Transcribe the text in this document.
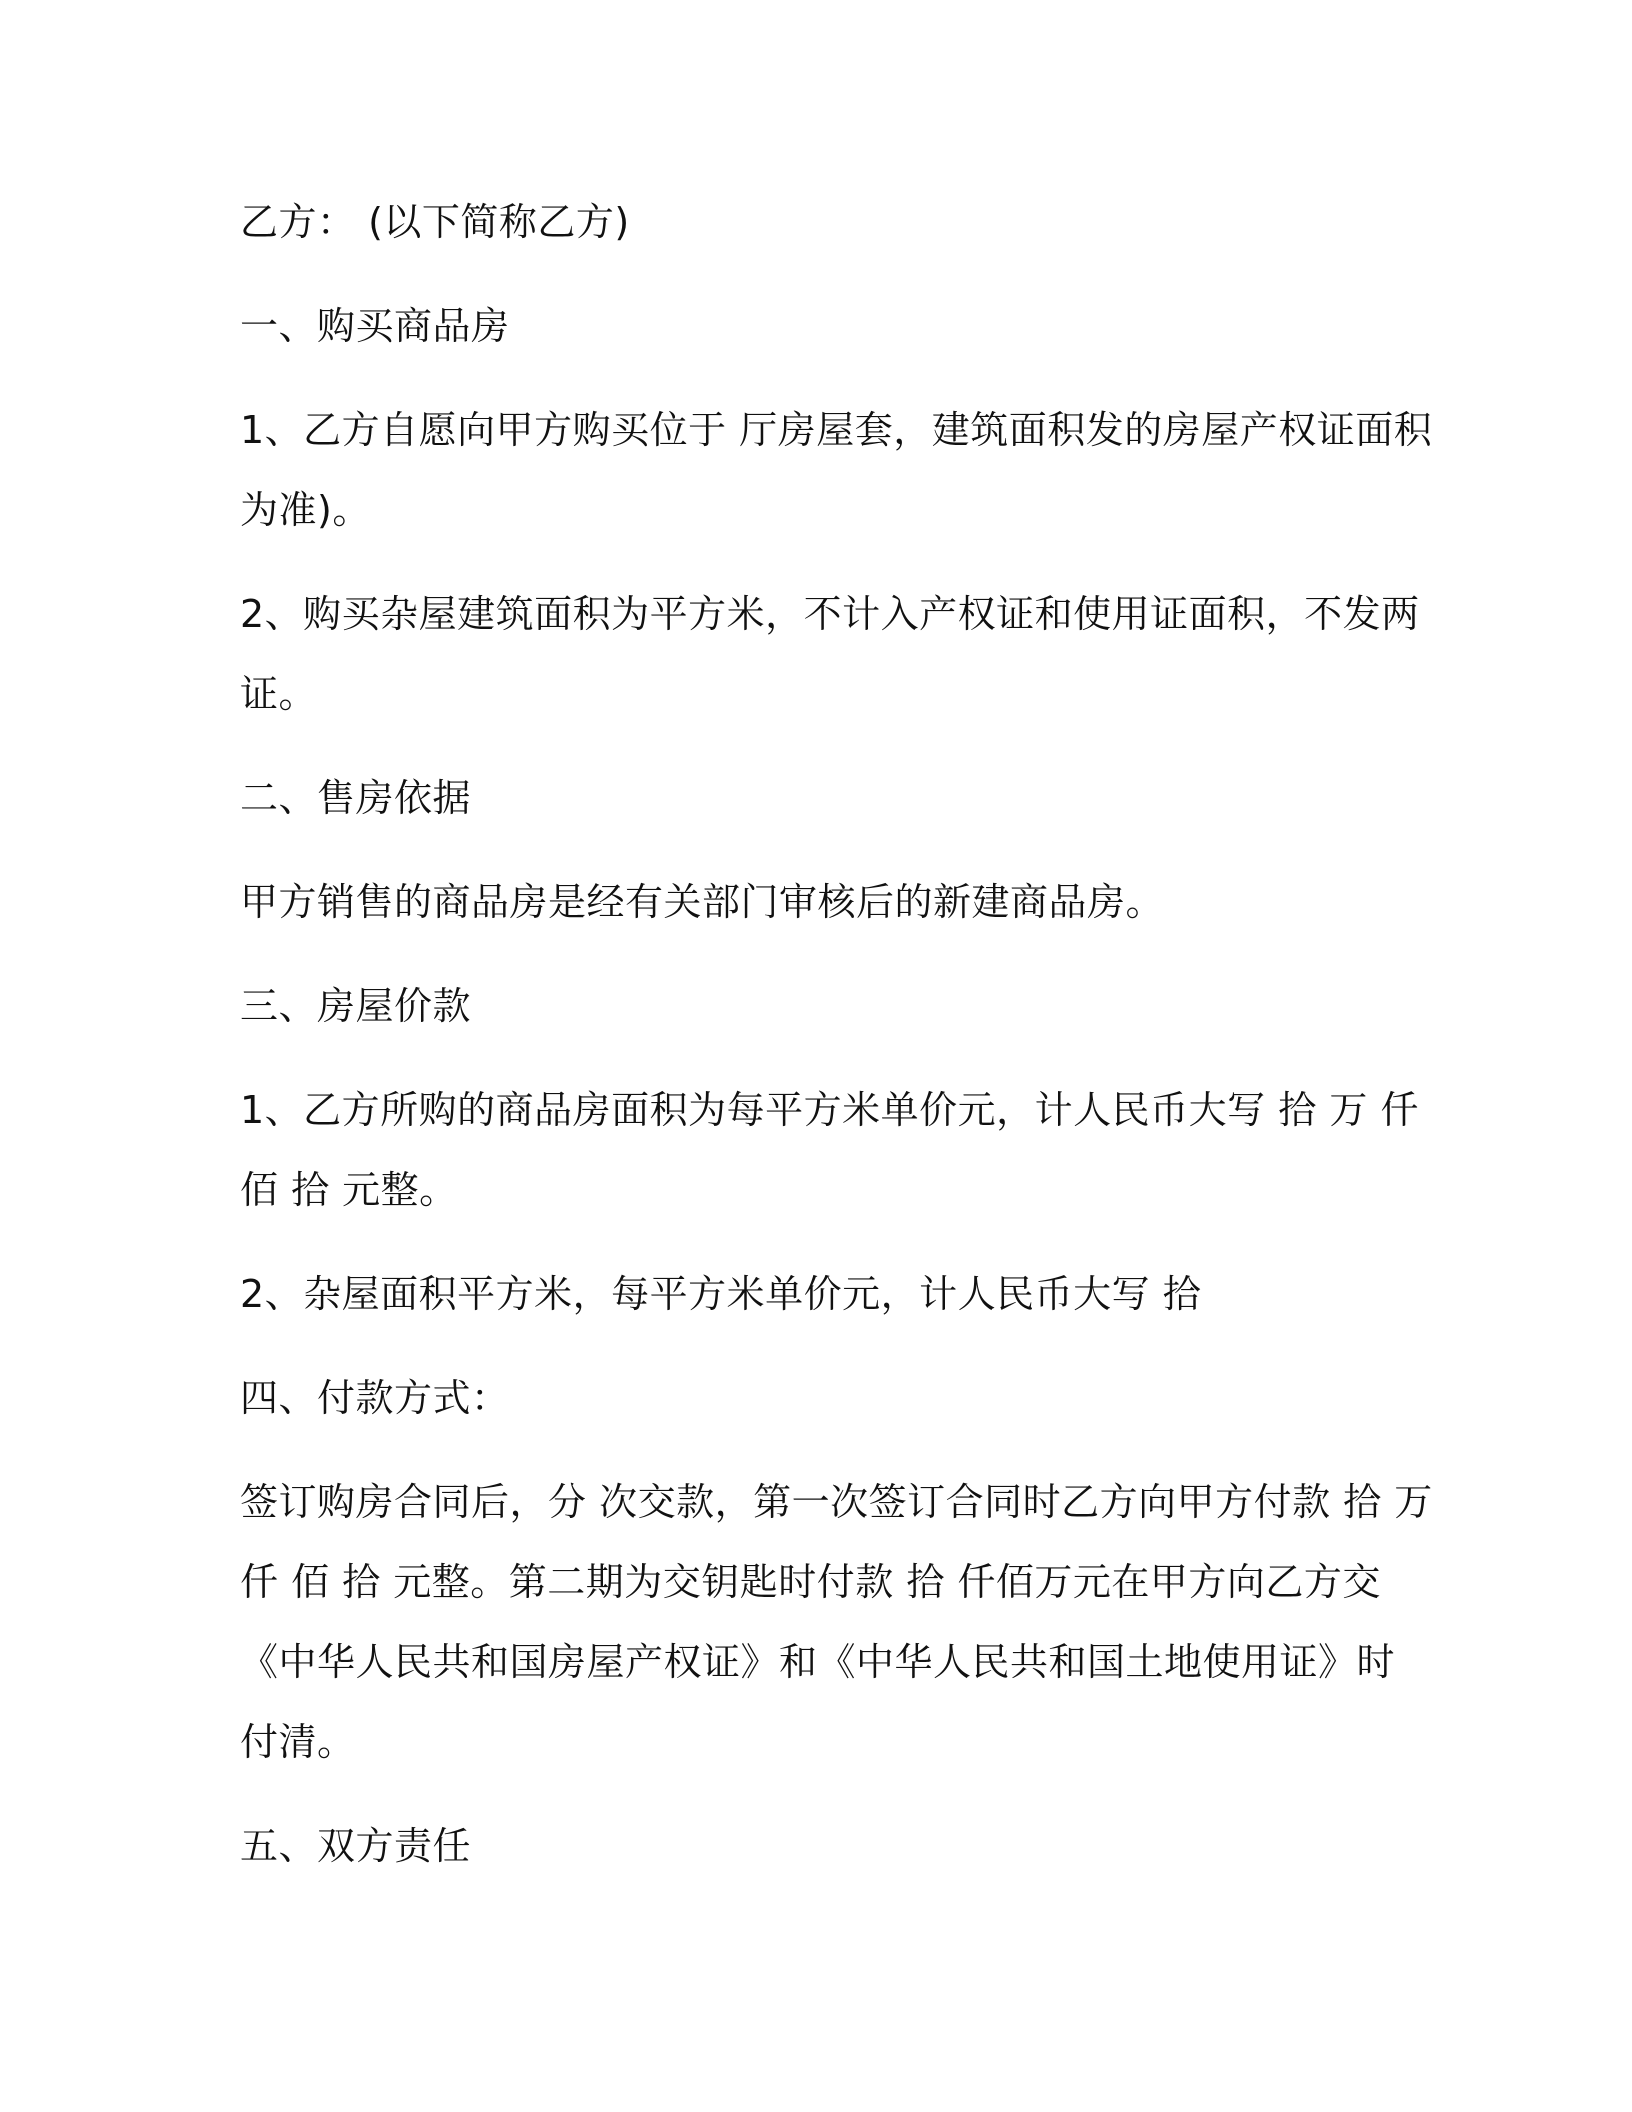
乙方： (以下简称乙方)

一、购买商品房

1、乙方自愿向甲方购买位于 厅房屋套，建筑面积发的房屋产权证面积

为准)。

2、购买杂屋建筑面积为平方米，不计入产权证和使用证面积，不发两

证。

二、售房依据

甲方销售的商品房是经有关部门审核后的新建商品房。

三、房屋价款

1、乙方所购的商品房面积为每平方米单价元，计人民币大写 拾 万 仟

佰 拾 元整。

2、杂屋面积平方米，每平方米单价元，计人民币大写 拾

四、付款方式：

签订购房合同后，分 次交款，第一次签订合同时乙方向甲方付款 拾 万

仟 佰 拾 元整。第二期为交钥匙时付款 拾 仟佰万元在甲方向乙方交

《中华人民共和国房屋产权证》和《中华人民共和国土地使用证》时

付清。

五、双方责任
